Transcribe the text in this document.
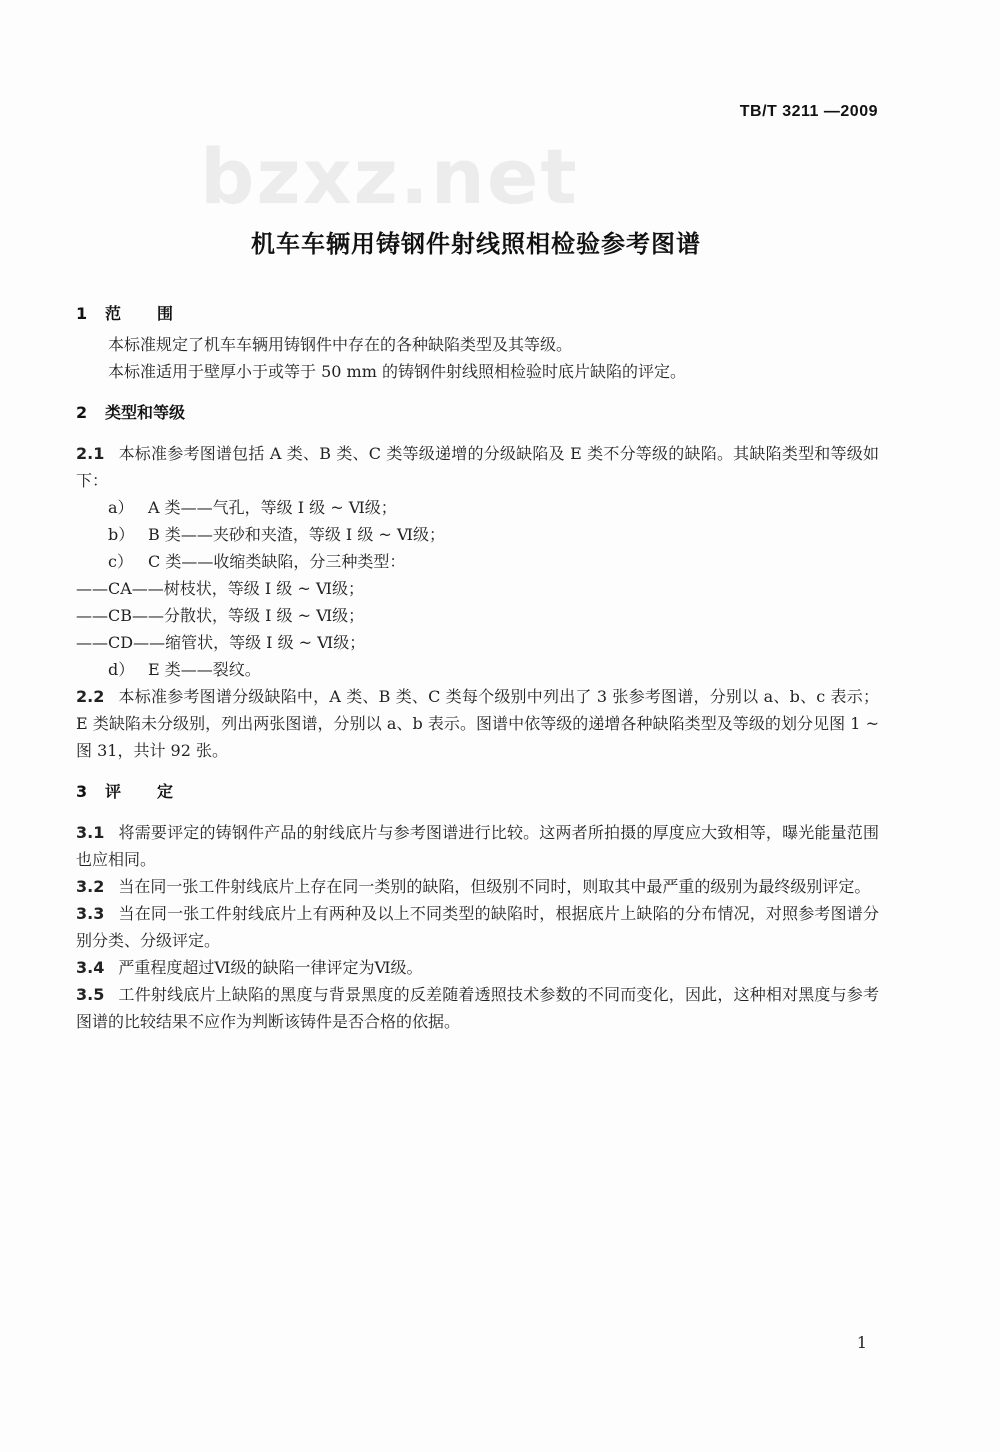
TB/T 3211 —2009
bzxz.net
机车车辆用铸钢件射线照相检验参考图谱
1 范围
本标准规定了机车车辆用铸钢件中存在的各种缺陷类型及其等级。
本标准适用于壁厚小于或等于 50 mm 的铸钢件射线照相检验时底片缺陷的评定。
2 类型和等级
2.1 本标准参考图谱包括 A 类、B 类、C 类等级递增的分级缺陷及 E 类不分等级的缺陷。其缺陷类型和等级如下：
a） A 类——气孔，等级 Ⅰ 级 ~ Ⅵ级；
b） B 类——夹砂和夹渣，等级 Ⅰ 级 ~ Ⅵ级；
c） C 类——收缩类缺陷，分三种类型：
——CA——树枝状，等级 Ⅰ 级 ~ Ⅵ级；
——CB——分散状，等级 Ⅰ 级 ~ Ⅵ级；
——CD——缩管状，等级 Ⅰ 级 ~ Ⅵ级；
d） E 类——裂纹。
2.2 本标准参考图谱分级缺陷中，A 类、B 类、C 类每个级别中列出了 3 张参考图谱，分别以 a、b、c 表示；E 类缺陷未分级别，列出两张图谱，分别以 a、b 表示。图谱中依等级的递增各种缺陷类型及等级的划分见图 1 ~ 图 31，共计 92 张。
3 评定
3.1 将需要评定的铸钢件产品的射线底片与参考图谱进行比较。这两者所拍摄的厚度应大致相等，曝光能量范围也应相同。
3.2 当在同一张工件射线底片上存在同一类别的缺陷，但级别不同时，则取其中最严重的级别为最终级别评定。
3.3 当在同一张工件射线底片上有两种及以上不同类型的缺陷时，根据底片上缺陷的分布情况，对照参考图谱分别分类、分级评定。
3.4 严重程度超过Ⅵ级的缺陷一律评定为Ⅵ级。
3.5 工件射线底片上缺陷的黑度与背景黑度的反差随着透照技术参数的不同而变化，因此，这种相对黑度与参考图谱的比较结果不应作为判断该铸件是否合格的依据。
1
